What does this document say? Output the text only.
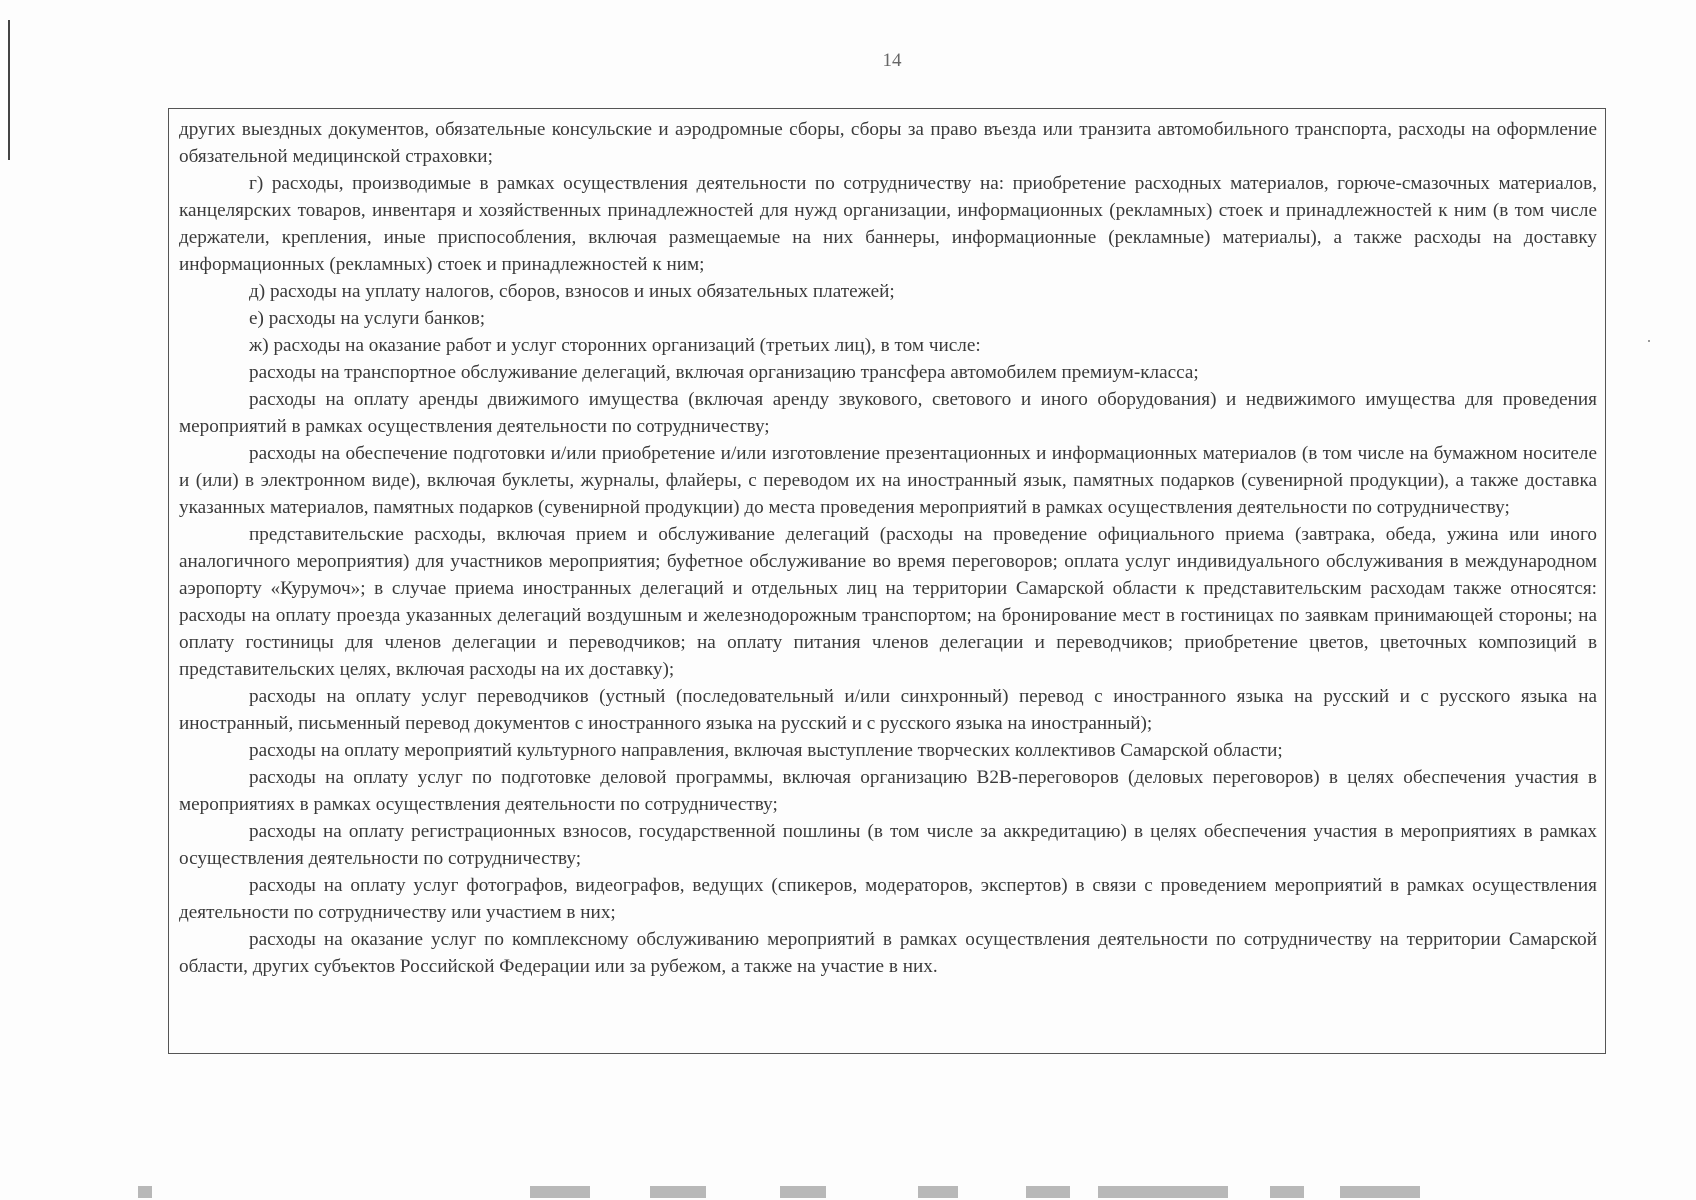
14

других выездных документов, обязательные консульские и аэродромные сборы, сборы за право въезда или транзита автомобильного транспорта, расходы на оформление обязательной медицинской страховки;

г) расходы, производимые в рамках осуществления деятельности по сотрудничеству на: приобретение расходных материалов, горюче-смазочных материалов, канцелярских товаров, инвентаря и хозяйственных принадлежностей для нужд организации, информационных (рекламных) стоек и принадлежностей к ним (в том числе держатели, крепления, иные приспособления, включая размещаемые на них баннеры, информационные (рекламные) материалы), а также расходы на доставку информационных (рекламных) стоек и принадлежностей к ним;

д) расходы на уплату налогов, сборов, взносов и иных обязательных платежей;

е) расходы на услуги банков;

ж) расходы на оказание работ и услуг сторонних организаций (третьих лиц), в том числе:

расходы на транспортное обслуживание делегаций, включая организацию трансфера автомобилем премиум-класса;

расходы на оплату аренды движимого имущества (включая аренду звукового, светового и иного оборудования) и недвижимого имущества для проведения мероприятий в рамках осуществления деятельности по сотрудничеству;

расходы на обеспечение подготовки и/или приобретение и/или изготовление презентационных и информационных материалов (в том числе на бумажном носителе и (или) в электронном виде), включая буклеты, журналы, флайеры, с переводом их на иностранный язык, памятных подарков (сувенирной продукции), а также доставка указанных материалов, памятных подарков (сувенирной продукции) до места проведения мероприятий в рамках осуществления деятельности по сотрудничеству;

представительские расходы, включая прием и обслуживание делегаций (расходы на проведение официального приема (завтрака, обеда, ужина или иного аналогичного мероприятия) для участников мероприятия; буфетное обслуживание во время переговоров; оплата услуг индивидуального обслуживания в международном аэропорту «Курумоч»; в случае приема иностранных делегаций и отдельных лиц на территории Самарской области к представительским расходам также относятся: расходы на оплату проезда указанных делегаций воздушным и железнодорожным транспортом; на бронирование мест в гостиницах по заявкам принимающей стороны; на оплату гостиницы для членов делегации и переводчиков; на оплату питания членов делегации и переводчиков; приобретение цветов, цветочных композиций в представительских целях, включая расходы на их доставку);

расходы на оплату услуг переводчиков (устный (последовательный и/или синхронный) перевод с иностранного языка на русский и с русского языка на иностранный, письменный перевод документов с иностранного языка на русский и с русского языка на иностранный);

расходы на оплату мероприятий культурного направления, включая выступление творческих коллективов Самарской области;

расходы на оплату услуг по подготовке деловой программы, включая организацию B2B-переговоров (деловых переговоров) в целях обеспечения участия в мероприятиях в рамках осуществления деятельности по сотрудничеству;

расходы на оплату регистрационных взносов, государственной пошлины (в том числе за аккредитацию) в целях обеспечения участия в мероприятиях в рамках осуществления деятельности по сотрудничеству;

расходы на оплату услуг фотографов, видеографов, ведущих (спикеров, модераторов, экспертов) в связи с проведением мероприятий в рамках осуществления деятельности по сотрудничеству или участием в них;

расходы на оказание услуг по комплексному обслуживанию мероприятий в рамках осуществления деятельности по сотрудничеству на территории Самарской области, других субъектов Российской Федерации или за рубежом, а также на участие в них.
